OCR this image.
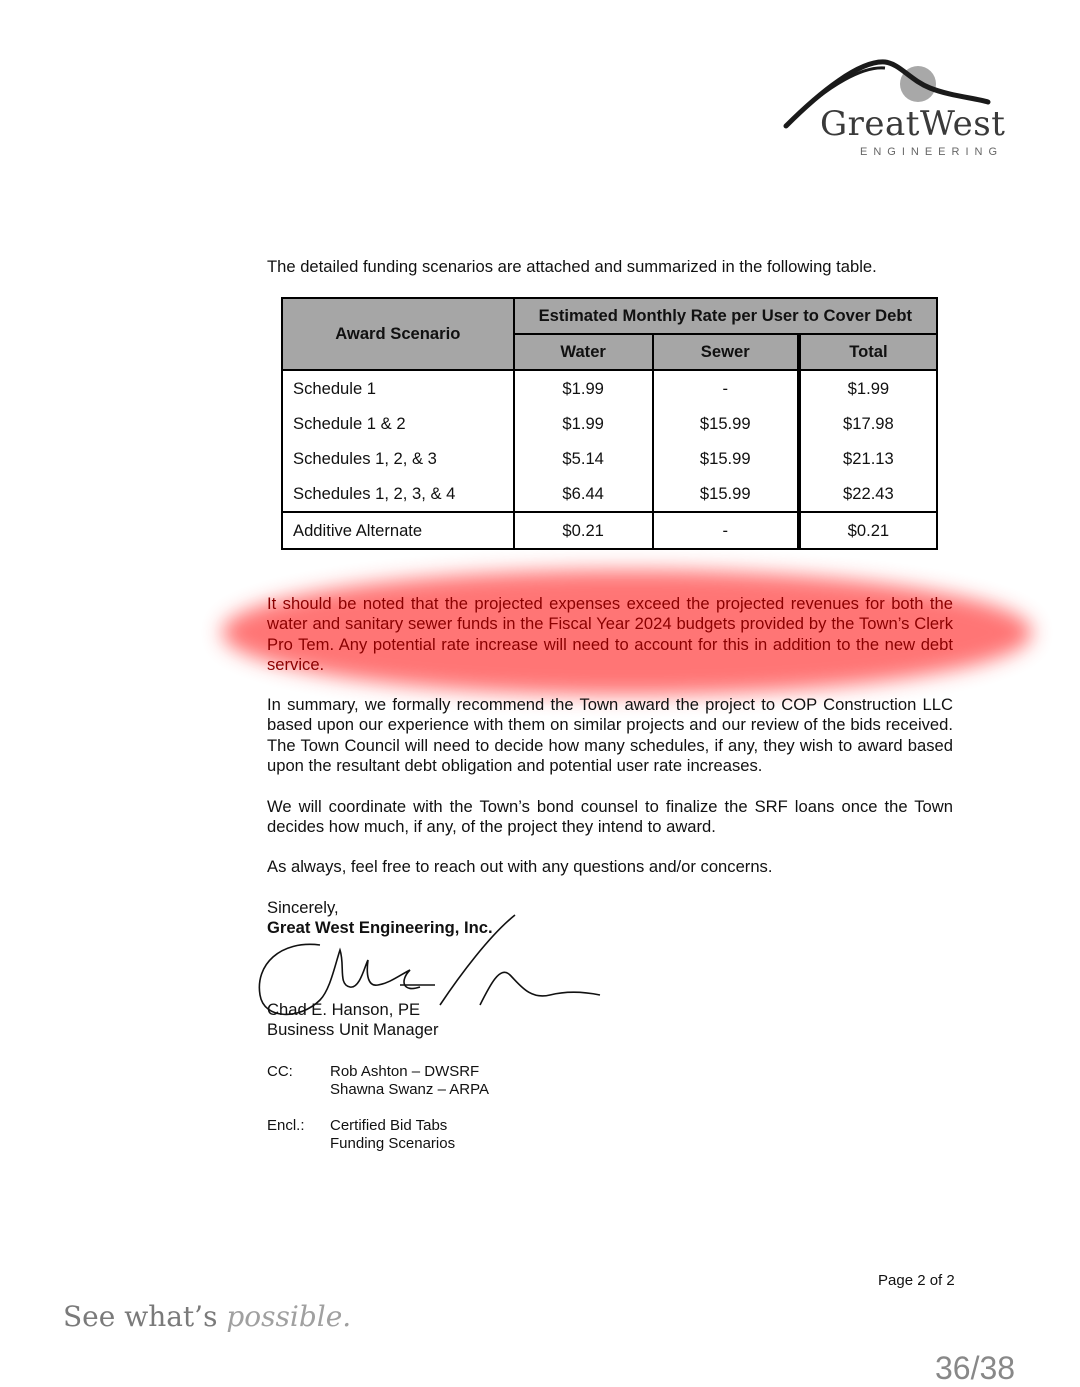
GreatWest
ENGINEERING
The detailed funding scenarios are attached and summarized in the following table.
Award Scenario	Estimated Monthly Rate per User to Cover Debt		
	Water	Sewer	Total
Schedule 1	$1.99	-	$1.99
Schedule 1 & 2	$1.99	$15.99	$17.98
Schedules 1, 2, & 3	$5.14	$15.99	$21.13
Schedules 1, 2, 3, & 4	$6.44	$15.99	$22.43
Additive Alternate	$0.21	-	$0.21
It should be noted that the projected expenses exceed the projected revenues for both the water and sanitary sewer funds in the Fiscal Year 2024 budgets provided by the Town’s Clerk Pro Tem. Any potential rate increase will need to account for this in addition to the new debt service.
In summary, we formally recommend the Town award the project to COP Construction LLC based upon our experience with them on similar projects and our review of the bids received. The Town Council will need to decide how many schedules, if any, they wish to award based upon the resultant debt obligation and potential user rate increases.
We will coordinate with the Town’s bond counsel to finalize the SRF loans once the Town decides how much, if any, of the project they intend to award.
As always, feel free to reach out with any questions and/or concerns.
Sincerely,
Great West Engineering, Inc.
Chad E. Hanson, PE
Business Unit Manager
CC:	Rob Ashton – DWSRF
Shawna Swanz – ARPA
Encl.:	Certified Bid Tabs
Funding Scenarios
Page 2 of 2
See what’s possible.
36/38
